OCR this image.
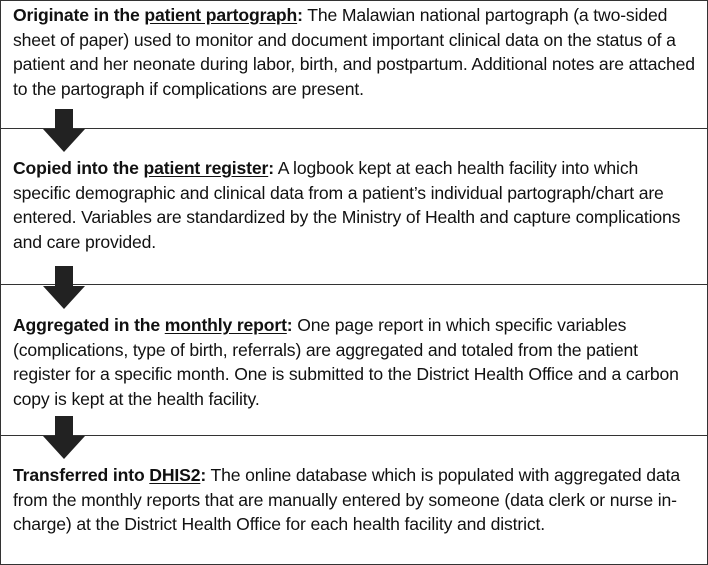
Originate in the patient partograph: The Malawian national partograph (a two-sided sheet of paper) used to monitor and document important clinical data on the status of a patient and her neonate during labor, birth, and postpartum. Additional notes are attached to the partograph if complications are present.
Copied into the patient register: A logbook kept at each health facility into which specific demographic and clinical data from a patient’s individual partograph/chart are entered. Variables are standardized by the Ministry of Health and capture complications and care provided.
Aggregated in the monthly report: One page report in which specific variables (complications, type of birth, referrals) are aggregated and totaled from the patient register for a specific month. One is submitted to the District Health Office and a carbon copy is kept at the health facility.
Transferred into DHIS2: The online database which is populated with aggregated data from the monthly reports that are manually entered by someone (data clerk or nurse in-charge) at the District Health Office for each health facility and district.
